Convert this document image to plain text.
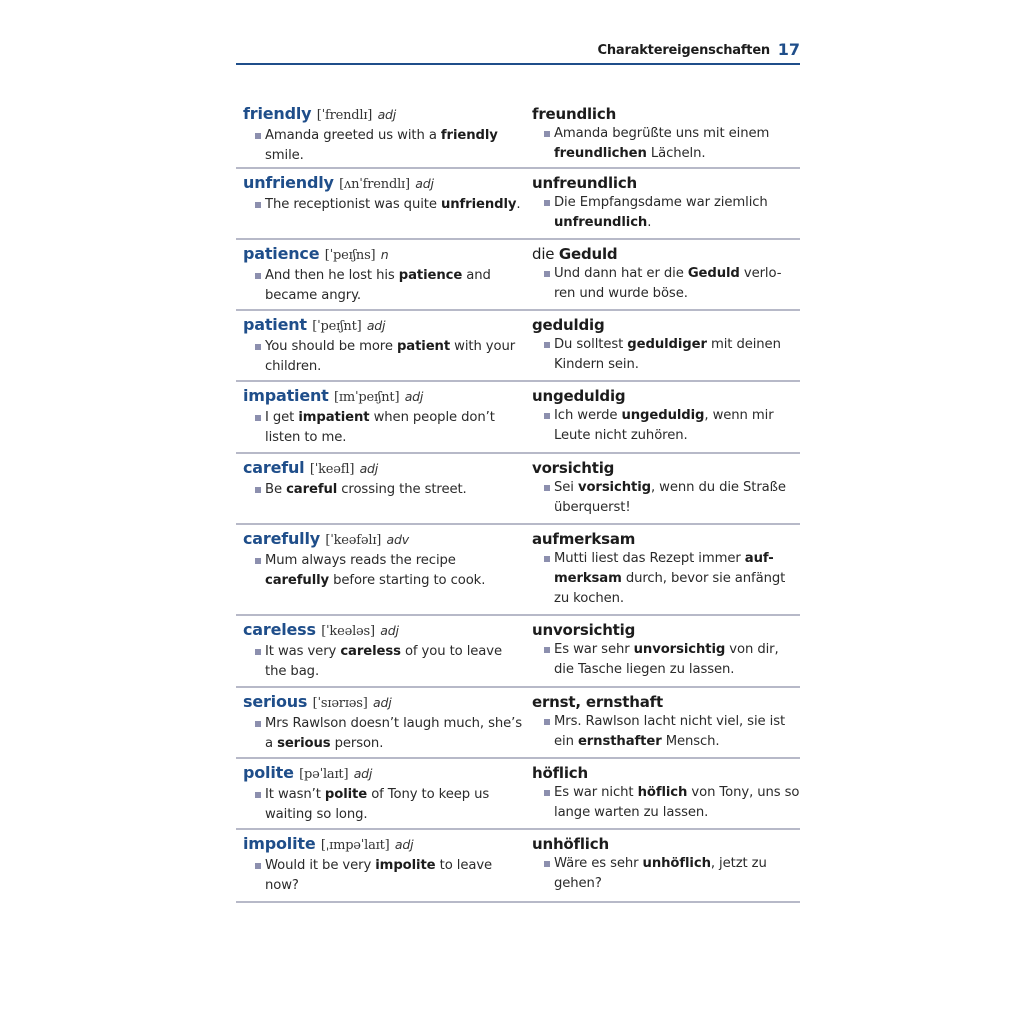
Charaktereigenschaften 17
friendly [ˈfrendlɪ] adj
Amanda greeted us with a friendly smile.
freundlich
Amanda begrüßte uns mit einem freundlichen Lächeln.
unfriendly [ʌnˈfrendlɪ] adj
The receptionist was quite unfriendly.
unfreundlich
Die Empfangsdame war ziemlich unfreundlich.
patience [ˈpeɪʃns] n
And then he lost his patience and became angry.
die Geduld
Und dann hat er die Geduld verlo-ren und wurde böse.
patient [ˈpeɪʃnt] adj
You should be more patient with your children.
geduldig
Du solltest geduldiger mit deinen Kindern sein.
impatient [ɪmˈpeɪʃnt] adj
I get impatient when people don’t listen to me.
ungeduldig
Ich werde ungeduldig, wenn mir Leute nicht zuhören.
careful [ˈkeəfl] adj
Be careful crossing the street.
vorsichtig
Sei vorsichtig, wenn du die Straße überquerst!
carefully [ˈkeəfəlɪ] adv
Mum always reads the recipe carefully before starting to cook.
aufmerksam
Mutti liest das Rezept immer auf-merksam durch, bevor sie anfängt zu kochen.
careless [ˈkeələs] adj
It was very careless of you to leave the bag.
unvorsichtig
Es war sehr unvorsichtig von dir, die Tasche liegen zu lassen.
serious [ˈsɪərɪəs] adj
Mrs Rawlson doesn’t laugh much, she’s a serious person.
ernst, ernsthaft
Mrs. Rawlson lacht nicht viel, sie ist ein ernsthafter Mensch.
polite [pəˈlaɪt] adj
It wasn’t polite of Tony to keep us waiting so long.
höflich
Es war nicht höflich von Tony, uns so lange warten zu lassen.
impolite [ˌɪmpəˈlaɪt] adj
Would it be very impolite to leave now?
unhöflich
Wäre es sehr unhöflich, jetzt zu gehen?
